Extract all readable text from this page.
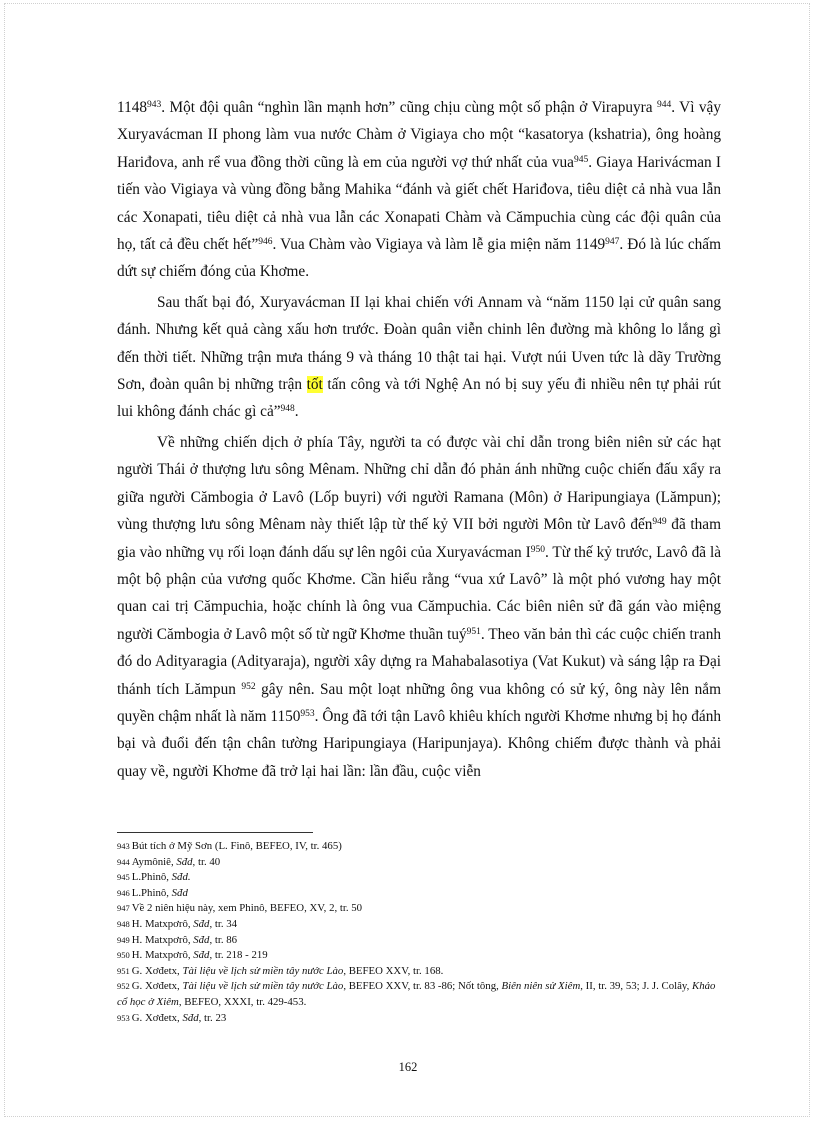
1148$^{943}$. Một đội quân “nghìn lần mạnh hơn” cũng chịu cùng một số phận ở Virapuyra $^{944}$. Vì vậy Xuryavácman II phong làm vua nước Chàm ở Vigiaya cho một “kasatorya (kshatria), ông hoàng Hariđova, anh rể vua đồng thời cũng là em của người vợ thứ nhất của vua$^{945}$. Giaya Harivácman I tiến vào Vigiaya và vùng đồng bằng Mahika “đánh và giết chết Hariđova, tiêu diệt cả nhà vua lẫn các Xonapati, tiêu diệt cả nhà vua lẫn các Xonapati Chàm và Cămpuchia cùng các đội quân của họ, tất cả đều chết hết”$^{946}$. Vua Chàm vào Vigiaya và làm lễ gia miện năm 1149$^{947}$. Đó là lúc chấm dứt sự chiếm đóng của Khơme.

Sau thất bại đó, Xuryavácman II lại khai chiến với Annam và “năm 1150 lại cử quân sang đánh. Nhưng kết quả càng xấu hơn trước. Đoàn quân viễn chinh lên đường mà không lo lắng gì đến thời tiết. Những trận mưa tháng 9 và tháng 10 thật tai hại. Vượt núi Uven tức là dãy Trường Sơn, đoàn quân bị những trận tốt tấn công và tới Nghệ An nó bị suy yếu đi nhiều nên tự phải rút lui không đánh chác gì cả”$^{948}$.

Về những chiến dịch ở phía Tây, người ta có được vài chỉ dẫn trong biên niên sử các hạt người Thái ở thượng lưu sông Mênam. Những chỉ dẫn đó phản ánh những cuộc chiến đấu xẩy ra giữa người Cămbogia ở Lavô (Lốp buyri) với người Ramana (Môn) ở Haripungiaya (Lămpun); vùng thượng lưu sông Mênam này thiết lập từ thế kỷ VII bởi người Môn từ Lavô đến$^{949}$ đã tham gia vào những vụ rối loạn đánh dấu sự lên ngôi của Xuryavácman $I^{950}$. Từ thế kỷ trước, Lavô đã là một bộ phận của vương quốc Khơme. Cần hiểu rằng “vua xứ Lavô” là một phó vương hay một quan cai trị Cămpuchia, hoặc chính là ông vua Cămpuchia. Các biên niên sử đã gán vào miệng người Cămbogia ở Lavô một số từ ngữ Khơme thuần tuý$^{951}$. Theo văn bản thì các cuộc chiến tranh đó do Adityaragia (Adityaraja), người xây dựng ra Mahabalasotiya (Vat Kukut) và sáng lập ra Đại thánh tích Lămpun $^{952}$ gây nên. Sau một loạt những ông vua không có sử ký, ông này lên nắm quyền chậm nhất là năm 1150$^{953}$. Ông đã tới tận Lavô khiêu khích người Khơme nhưng bị họ đánh bại và đuổi đến tận chân tường Haripungiaya (Haripunjaya). Không chiếm được thành và phải quay về, người Khơme đã trở lại hai lần: lần đầu, cuộc viễn

943 Bút tích ở Mỹ Sơn (L. Finô, BEFEO, IV, tr. 465)

944 Aymôniê, Sđd, tr. 40

945 L.Phinô, Sđd.

946 L.Phinô, Sđd

947 Về 2 niên hiệu này, xem Phinô, BEFEO, XV, 2, tr. 50

948 H. Matxpơrô, Sđd, tr. 34

949 H. Matxpơrô, Sđd, tr. 86

950 H. Matxpơrô, Sđd, tr. 218 - 219

951 G. Xơđetx, Tài liệu về lịch sử miền tây nước Lào, BEFEO XXV, tr. 168.

952 G. Xơđetx, Tài liệu về lịch sử miền tây nước Lào, BEFEO XXV, tr. 83 -86; Nốt tông, Biên niên sử Xiêm, II, tr. 39, 53; J. J. Colây, Khảo cổ học ở Xiêm, BEFEO, XXXI, tr. 429-453.

953 G. Xơđetx, Sđd, tr. 23

162
